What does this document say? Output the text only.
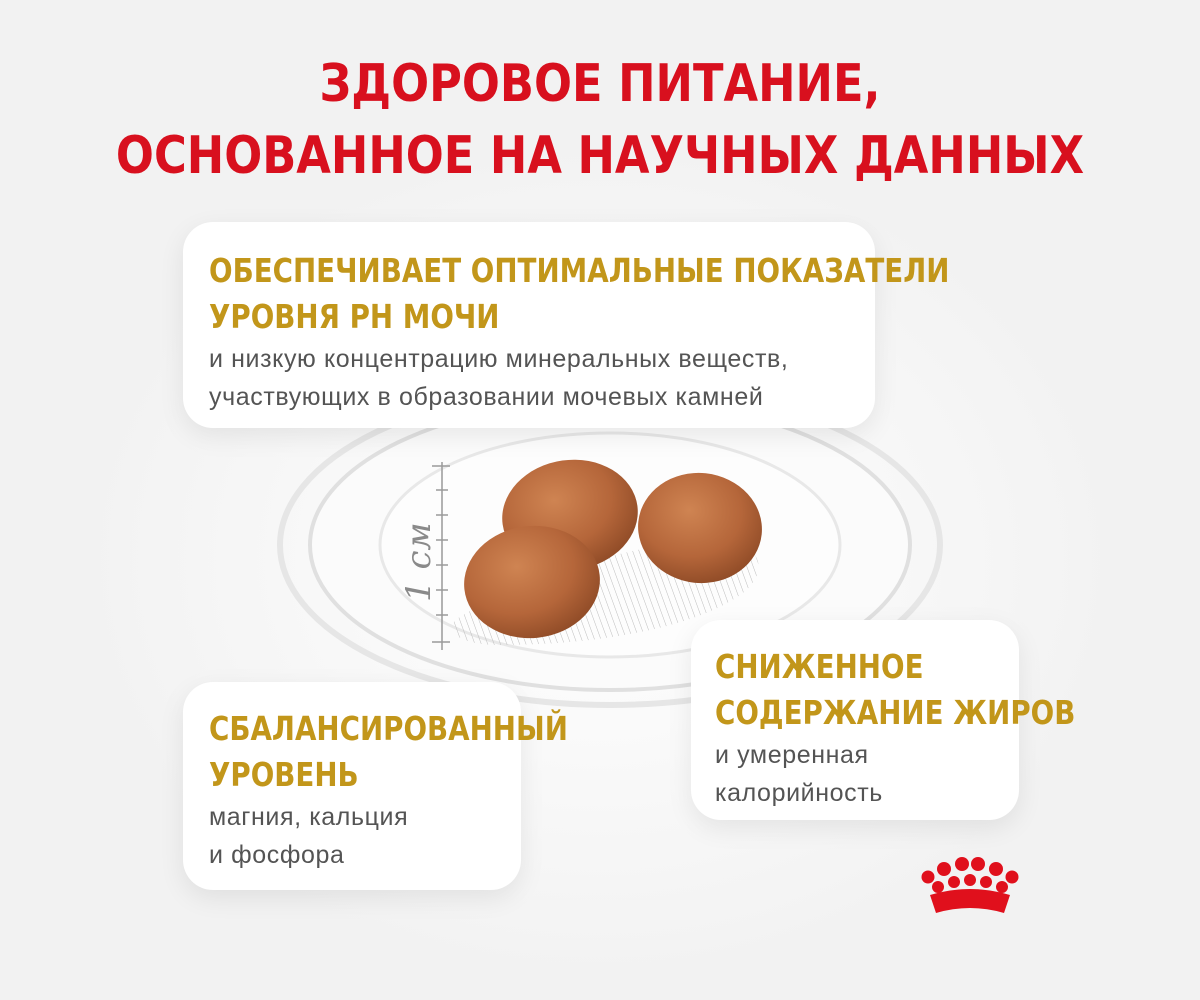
1 см
ЗДОРОВОЕ ПИТАНИЕ,
ОСНОВАННОЕ НА НАУЧНЫХ ДАННЫХ
ОБЕСПЕЧИВАЕТ ОПТИМАЛЬНЫЕ ПОКАЗАТЕЛИ
УРОВНЯ PH МОЧИ
и низкую концентрацию минеральных веществ,
участвующих в образовании мочевых камней
СБАЛАНСИРОВАННЫЙ
УРОВЕНЬ
магния, кальция
и фосфора
СНИЖЕННОЕ
СОДЕРЖАНИЕ ЖИРОВ
и умеренная
калорийность
